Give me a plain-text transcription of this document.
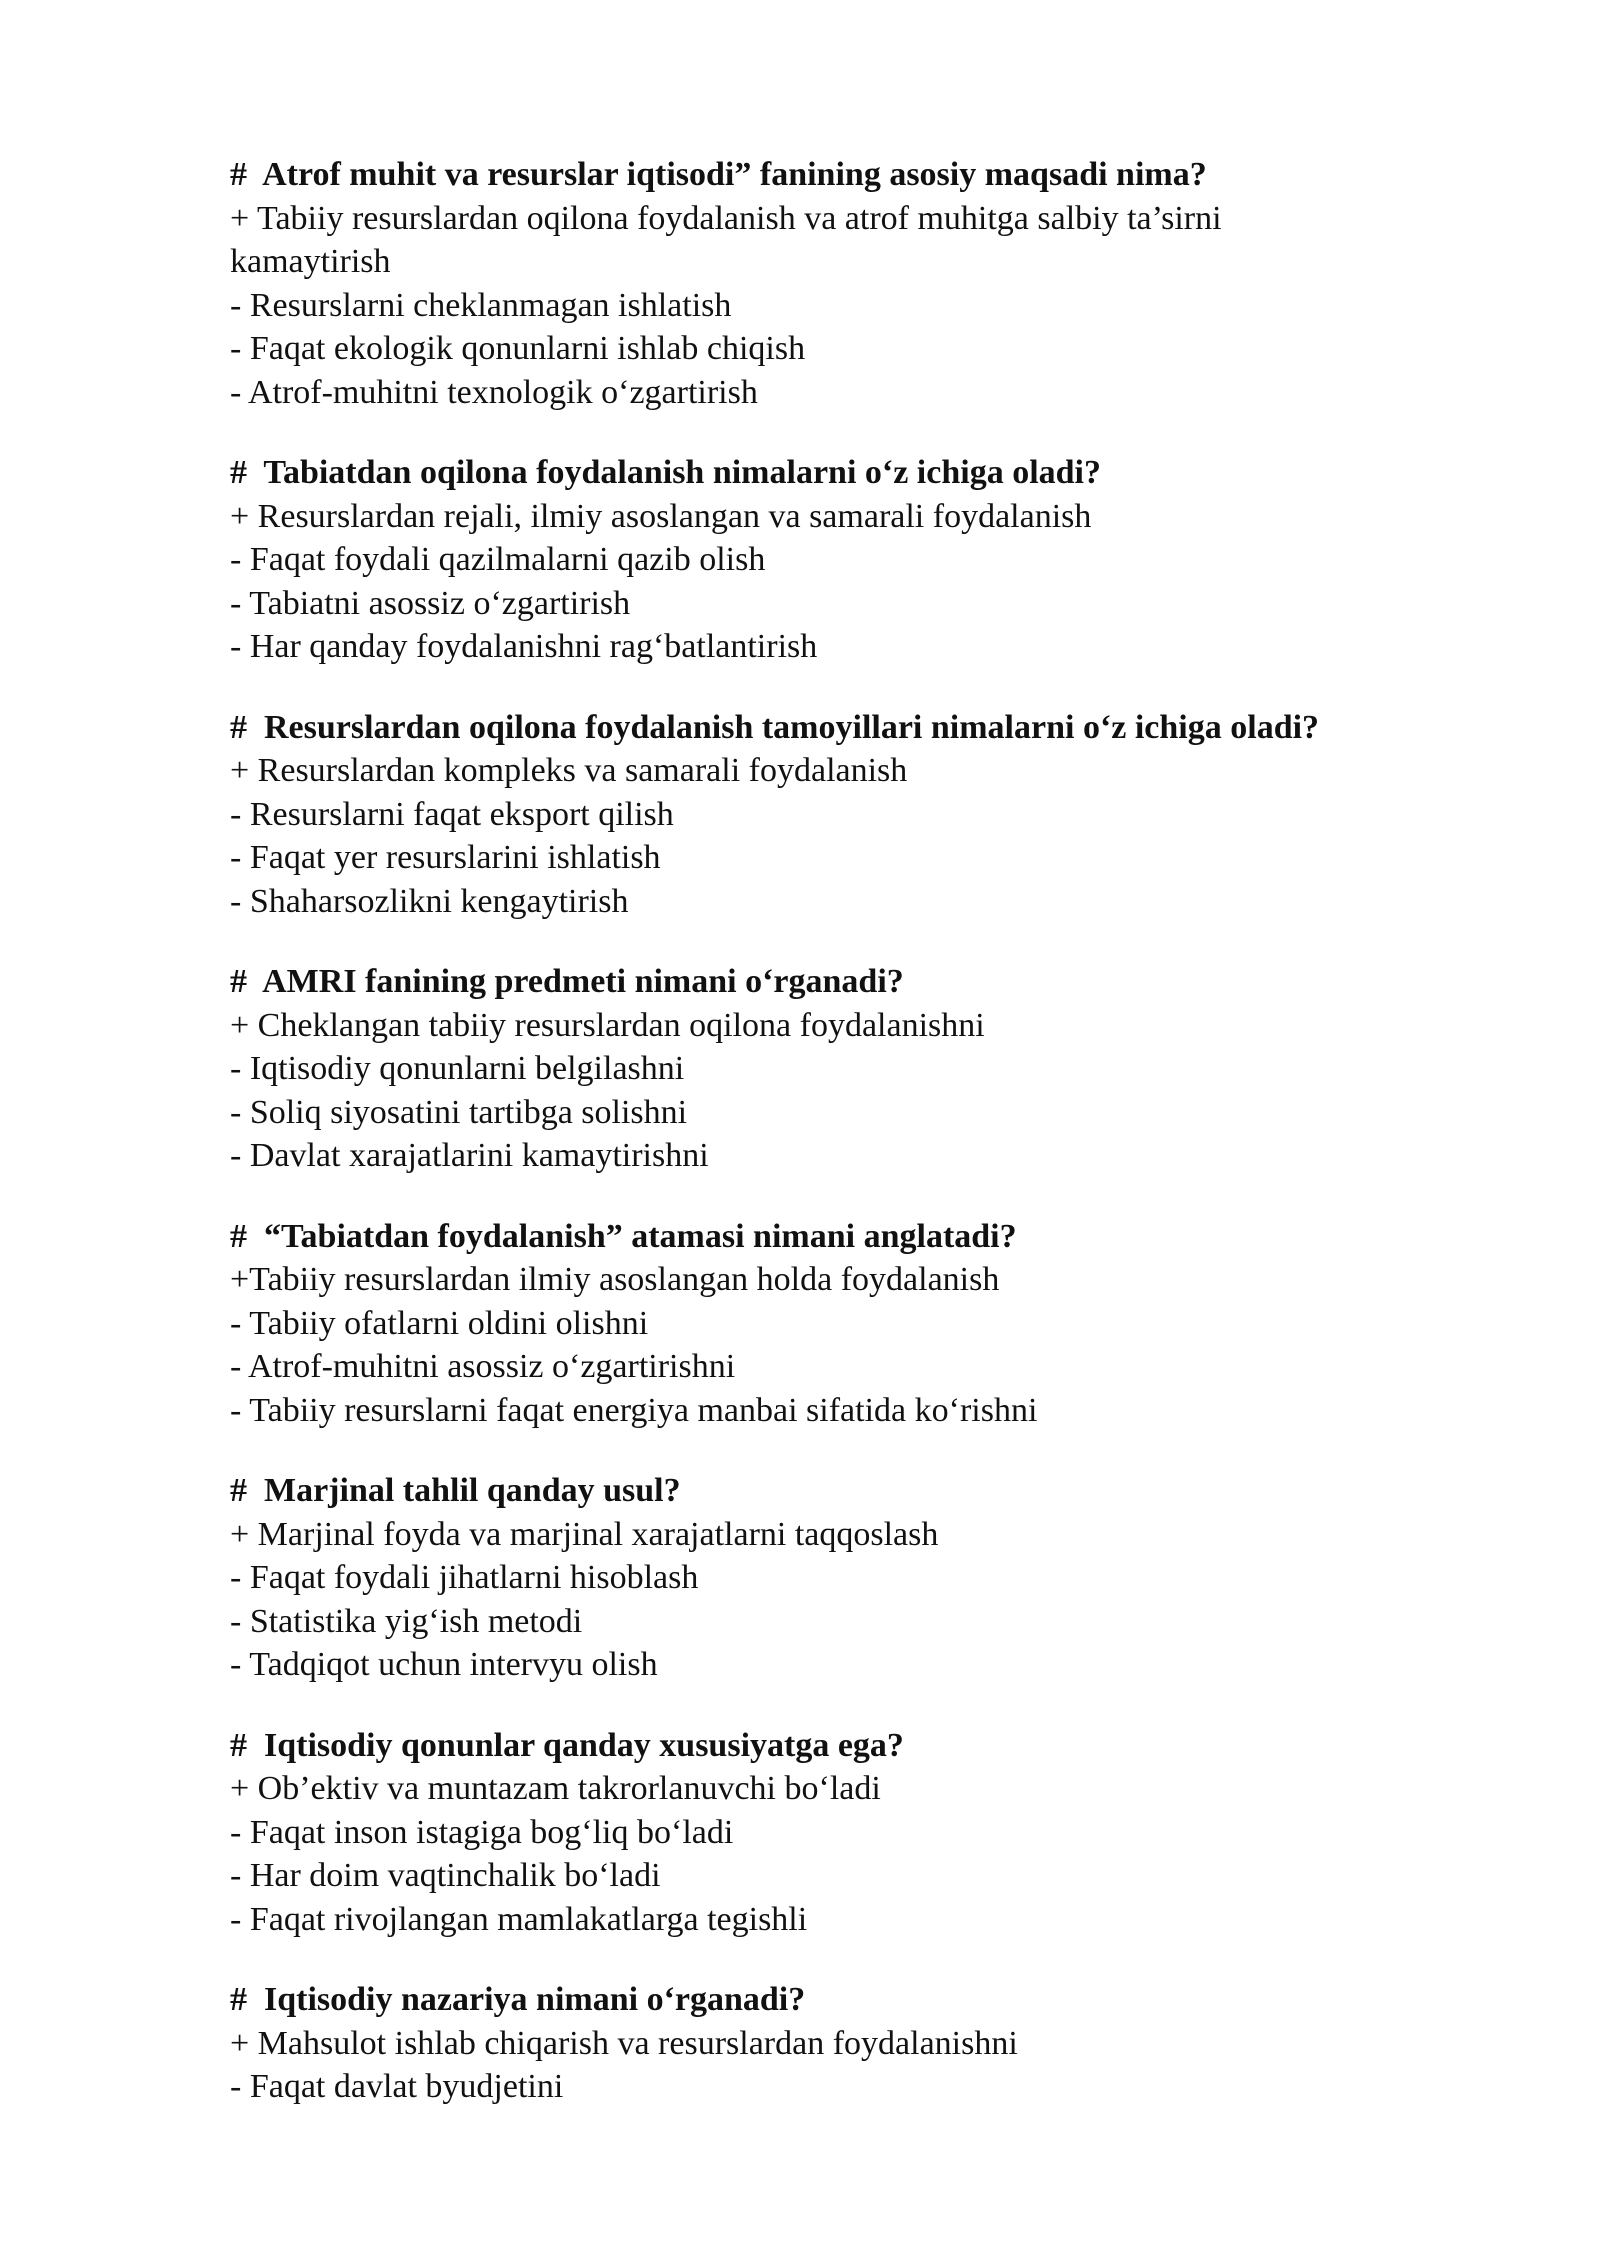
#  Atrof muhit va resurslar iqtisodi” fanining asosiy maqsadi nima?
+ Tabiiy resurslardan oqilona foydalanish va atrof muhitga salbiy ta’sirni kamaytirish
- Resurslarni cheklanmagan ishlatish
- Faqat ekologik qonunlarni ishlab chiqish
- Atrof-muhitni texnologik o‘zgartirish
#  Tabiatdan oqilona foydalanish nimalarni o‘z ichiga oladi?
+ Resurslardan rejali, ilmiy asoslangan va samarali foydalanish
- Faqat foydali qazilmalarni qazib olish
- Tabiatni asossiz o‘zgartirish
- Har qanday foydalanishni rag‘batlantirish
#  Resurslardan oqilona foydalanish tamoyillari nimalarni o‘z ichiga oladi?
+ Resurslardan kompleks va samarali foydalanish
- Resurslarni faqat eksport qilish
- Faqat yer resurslarini ishlatish
- Shaharsozlikni kengaytirish
#  AMRI fanining predmeti nimani o‘rganadi?
+ Cheklangan tabiiy resurslardan oqilona foydalanishni
- Iqtisodiy qonunlarni belgilashni
- Soliq siyosatini tartibga solishni
- Davlat xarajatlarini kamaytirishni
#  “Tabiatdan foydalanish” atamasi nimani anglatadi?
+Tabiiy resurslardan ilmiy asoslangan holda foydalanish
- Tabiiy ofatlarni oldini olishni
- Atrof-muhitni asossiz o‘zgartirishni
- Tabiiy resurslarni faqat energiya manbai sifatida ko‘rishni
#  Marjinal tahlil qanday usul?
+ Marjinal foyda va marjinal xarajatlarni taqqoslash
- Faqat foydali jihatlarni hisoblash
- Statistika yig‘ish metodi
- Tadqiqot uchun intervyu olish
#  Iqtisodiy qonunlar qanday xususiyatga ega?
+ Ob’ektiv va muntazam takrorlanuvchi bo‘ladi
- Faqat inson istagiga bog‘liq bo‘ladi
- Har doim vaqtinchalik bo‘ladi
- Faqat rivojlangan mamlakatlarga tegishli
#  Iqtisodiy nazariya nimani o‘rganadi?
+ Mahsulot ishlab chiqarish va resurslardan foydalanishni
- Faqat davlat byudjetini
